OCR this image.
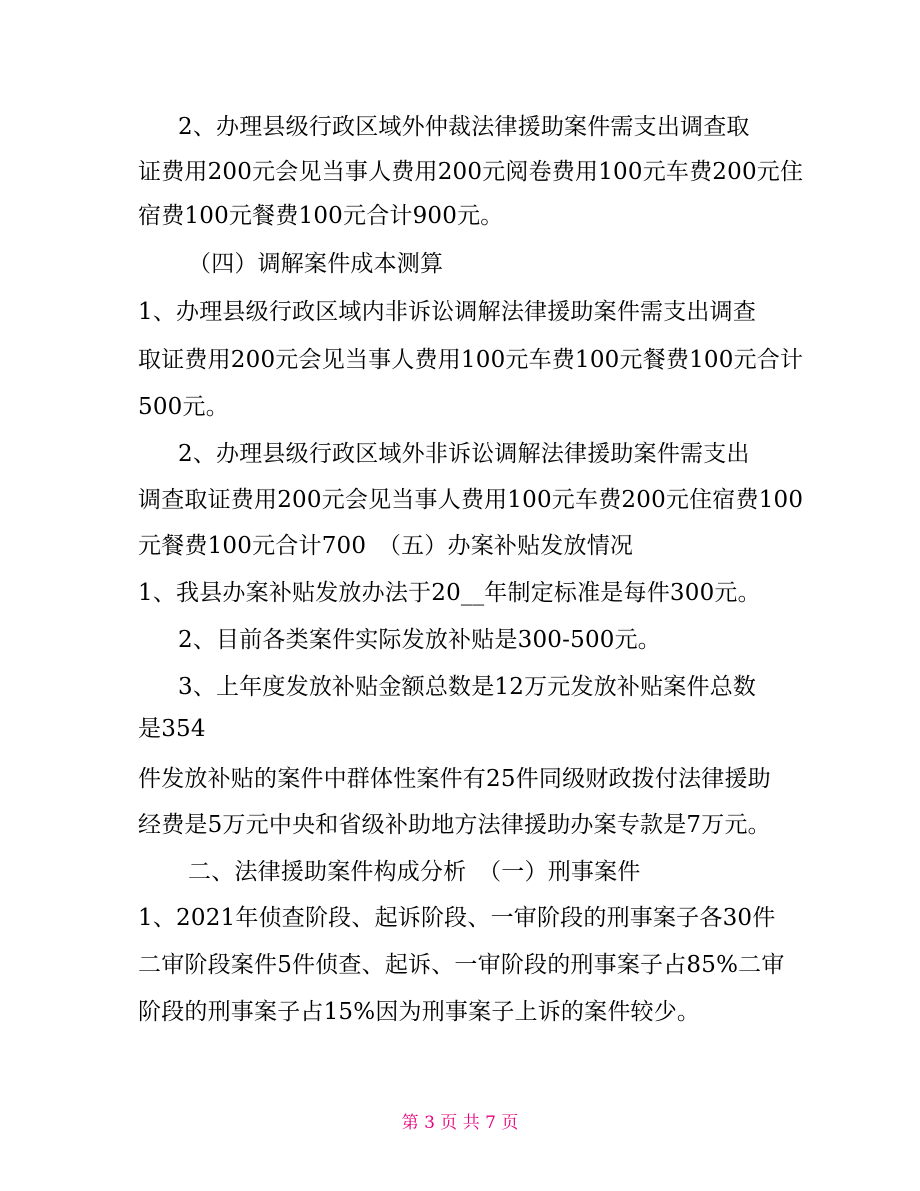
2、办理县级行政区域外仲裁法律援助案件需支出调查取
证费用200元会见当事人费用200元阅卷费用100元车费200元住
宿费100元餐费100元合计900元。
（四）调解案件成本测算
1、办理县级行政区域内非诉讼调解法律援助案件需支出调查
取证费用200元会见当事人费用100元车费100元餐费100元合计
500元。
2、办理县级行政区域外非诉讼调解法律援助案件需支出
调查取证费用200元会见当事人费用100元车费200元住宿费100
元餐费100元合计700　（五）办案补贴发放情况
1、我县办案补贴发放办法于20__年制定标准是每件300元。
2、目前各类案件实际发放补贴是300-500元。
3、上年度发放补贴金额总数是12万元发放补贴案件总数
是354
件发放补贴的案件中群体性案件有25件同级财政拨付法律援助
经费是5万元中央和省级补助地方法律援助办案专款是7万元。
二、法律援助案件构成分析　（一）刑事案件
1、2021年侦查阶段、起诉阶段、一审阶段的刑事案子各30件
二审阶段案件5件侦查、起诉、一审阶段的刑事案子占85%二审
阶段的刑事案子占15%因为刑事案子上诉的案件较少。
第 3 页 共 7 页
